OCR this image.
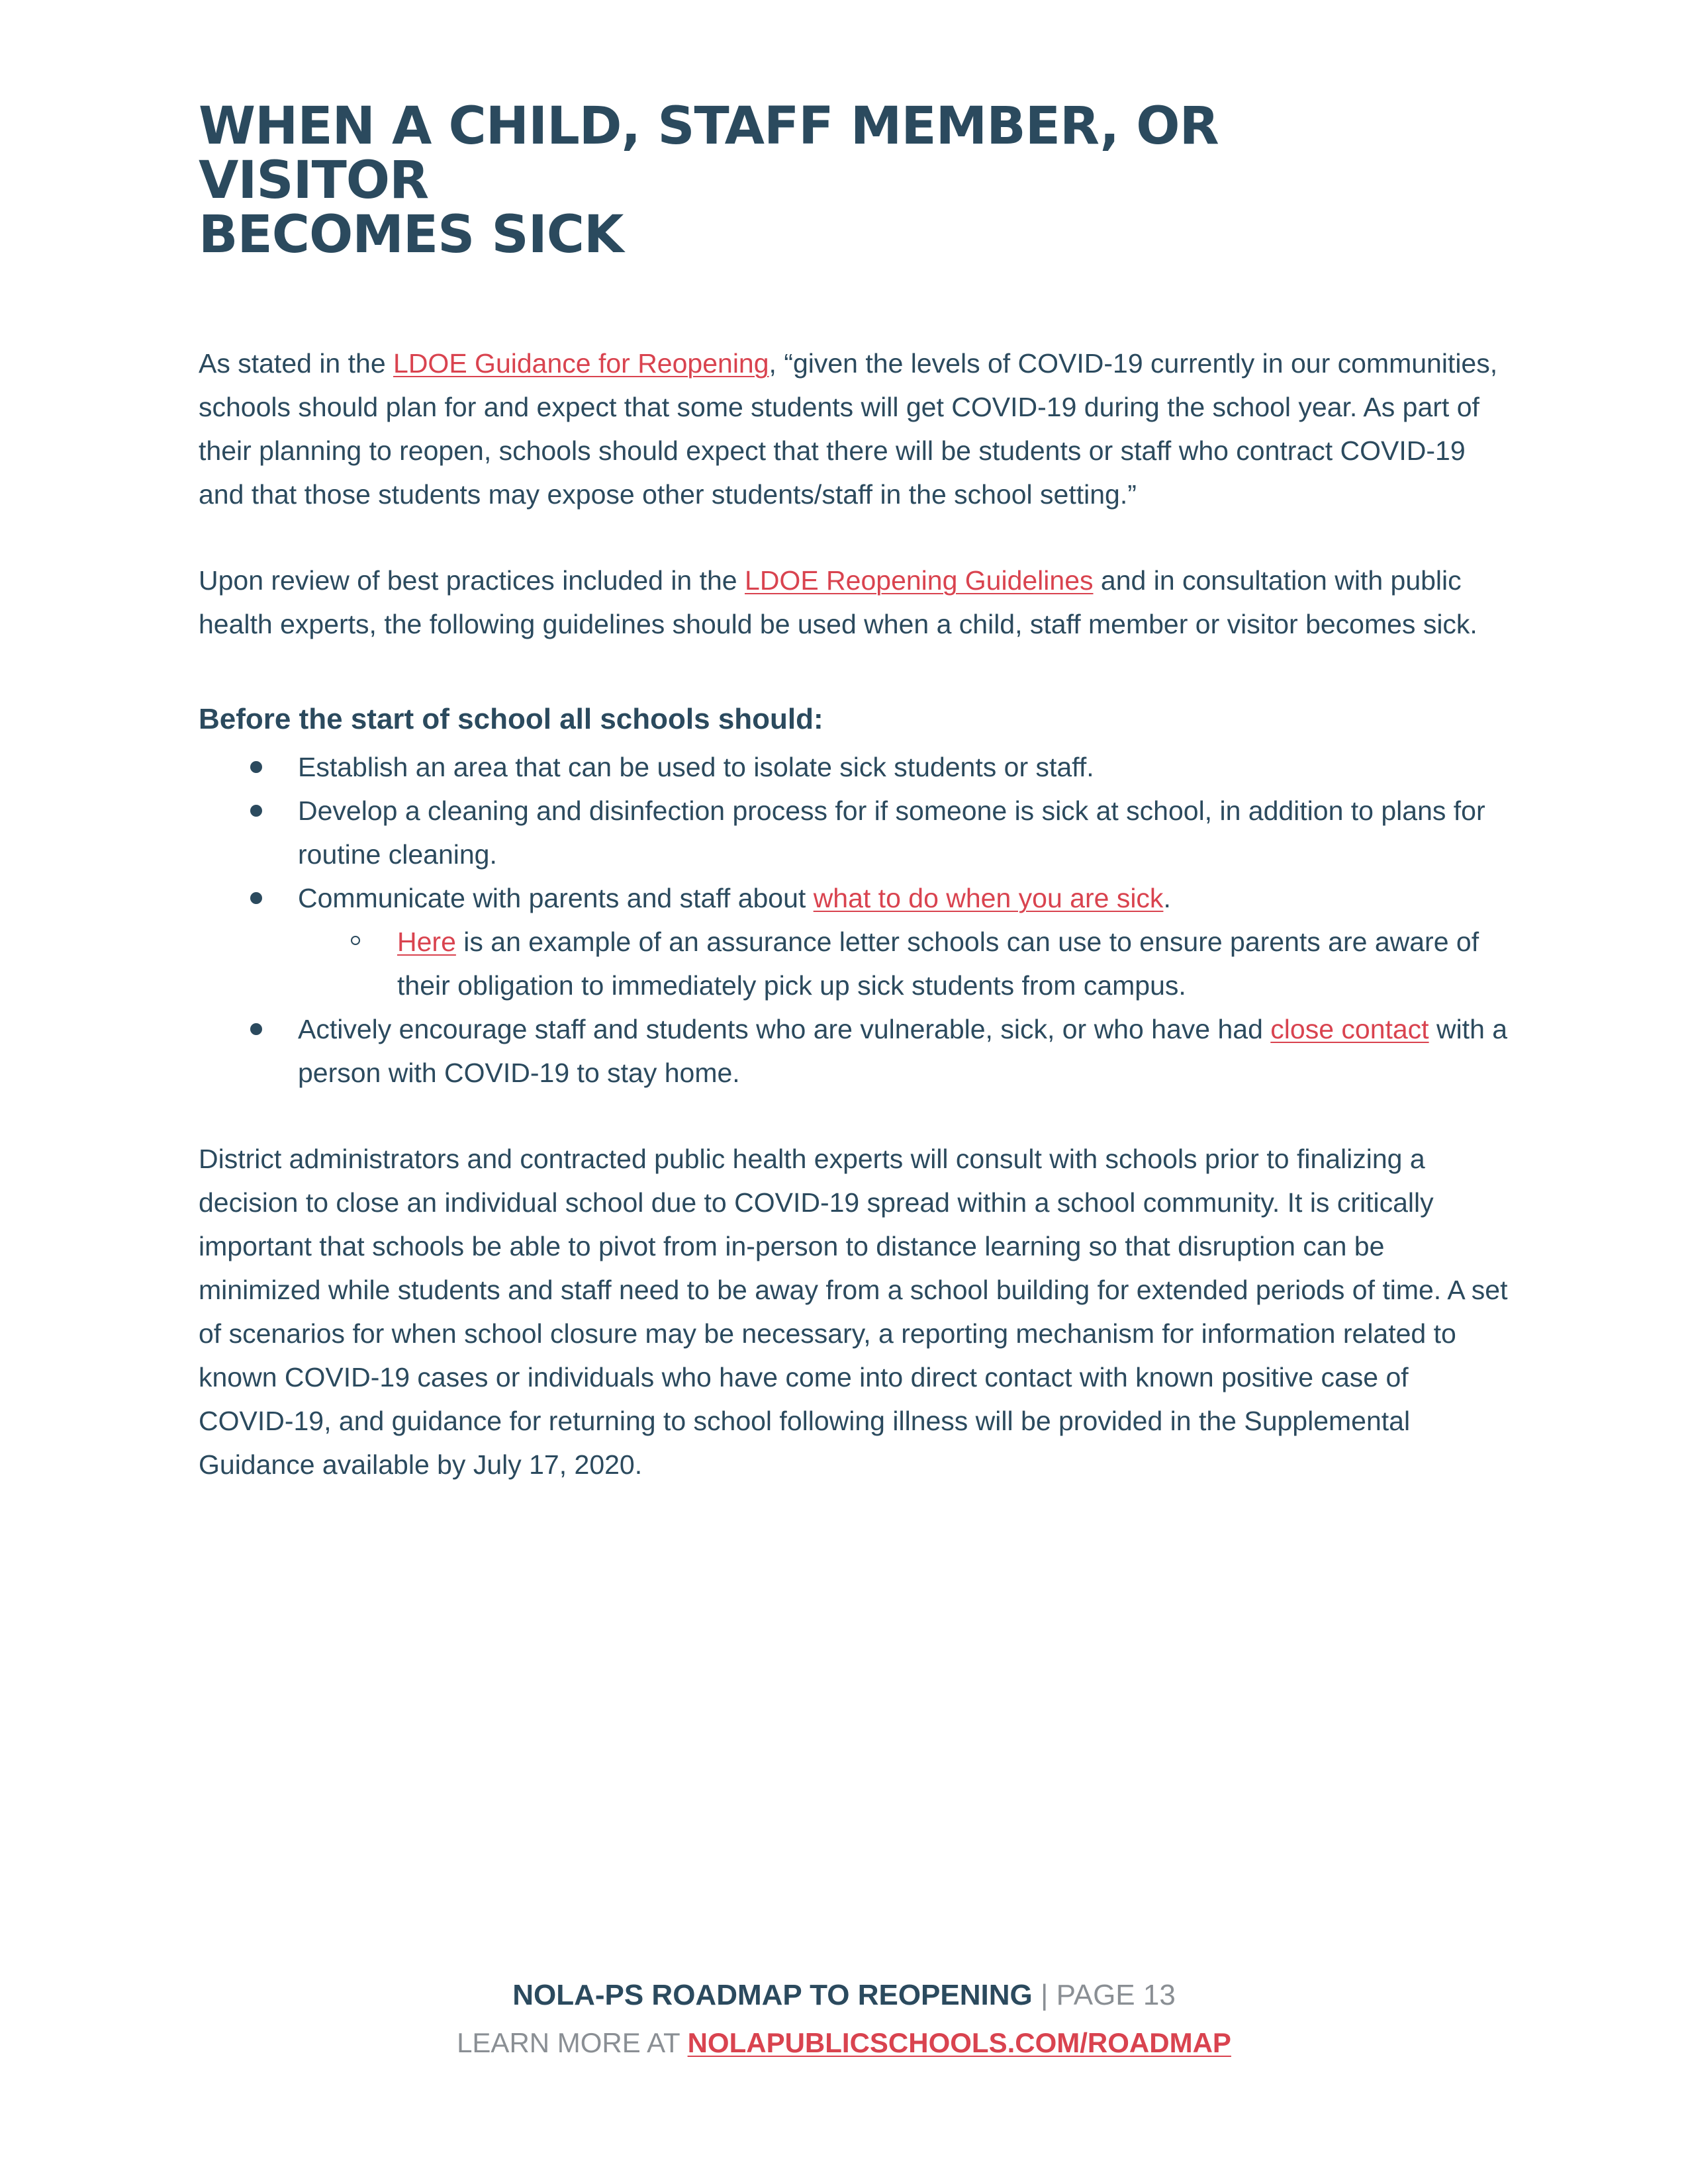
WHEN A CHILD, STAFF MEMBER, OR VISITOR
BECOMES SICK

As stated in the LDOE Guidance for Reopening, “given the levels of COVID-19 currently in our communities, schools should plan for and expect that some students will get COVID-19 during the school year. As part of their planning to reopen, schools should expect that there will be students or staff who contract COVID-19 and that those students may expose other students/staff in the school setting.”

Upon review of best practices included in the LDOE Reopening Guidelines and in consultation with public health experts, the following guidelines should be used when a child, staff member or visitor becomes sick.

Before the start of school all schools should:

Establish an area that can be used to isolate sick students or staff.
Develop a cleaning and disinfection process for if someone is sick at school, in addition to plans for routine cleaning.
Communicate with parents and staff about what to do when you are sick.
Here is an example of an assurance letter schools can use to ensure parents are aware of their obligation to immediately pick up sick students from campus.
Actively encourage staff and students who are vulnerable, sick, or who have had close contact with a person with COVID-19 to stay home.

District administrators and contracted public health experts will consult with schools prior to finalizing a decision to close an individual school due to COVID-19 spread within a school community. It is critically important that schools be able to pivot from in-person to distance learning so that disruption can be minimized while students and staff need to be away from a school building for extended periods of time. A set of scenarios for when school closure may be necessary, a reporting mechanism for information related to known COVID-19 cases or individuals who have come into direct contact with known positive case of COVID-19, and guidance for returning to school following illness will be provided in the Supplemental Guidance available by July 17, 2020.

NOLA-PS ROADMAP TO REOPENING | PAGE 13
LEARN MORE AT NOLAPUBLICSCHOOLS.COM/ROADMAP
